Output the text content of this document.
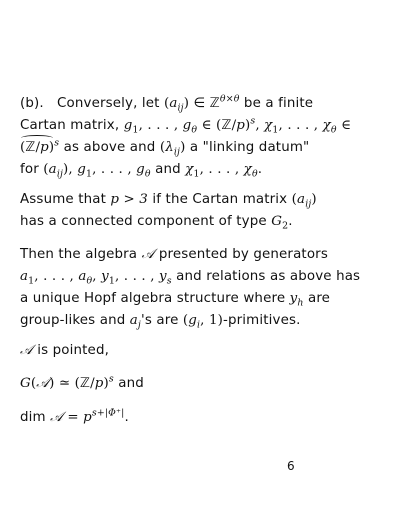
(b). Conversely, let $(a_{ij})$ ∈ ℤ$^{\theta\times\theta}$ be a finite
Cartan matrix, $g_1$, . . . , $g_\theta$ ∈ (ℤ/p)$^s$, $\chi_1$, . . . , $\chi_\theta$ ∈
(ℤ/p)$^s$ as above and $(\lambda_{ij})$ a "linking datum"
for $(a_{ij})$, $g_1$, . . . , $g_\theta$ and $\chi_1$, . . . , $\chi_\theta$.
Assume that p > 3 if the Cartan matrix $(a_{ij})$
has a connected component of type $G_2$.
Then the algebra 𝒜 presented by generators
$a_1$, . . . , $a_\theta$, $y_1$, . . . , $y_s$ and relations as above has
a unique Hopf algebra structure where $y_h$ are
group-likes and $a_j's$ are ($g_i$, 1)-primitives.
𝒜 is pointed,
G(𝒜) ≃ (ℤ/p)$^s$ and
dim 𝒜 = $p^{s+|\Phi^+|}$.
6
